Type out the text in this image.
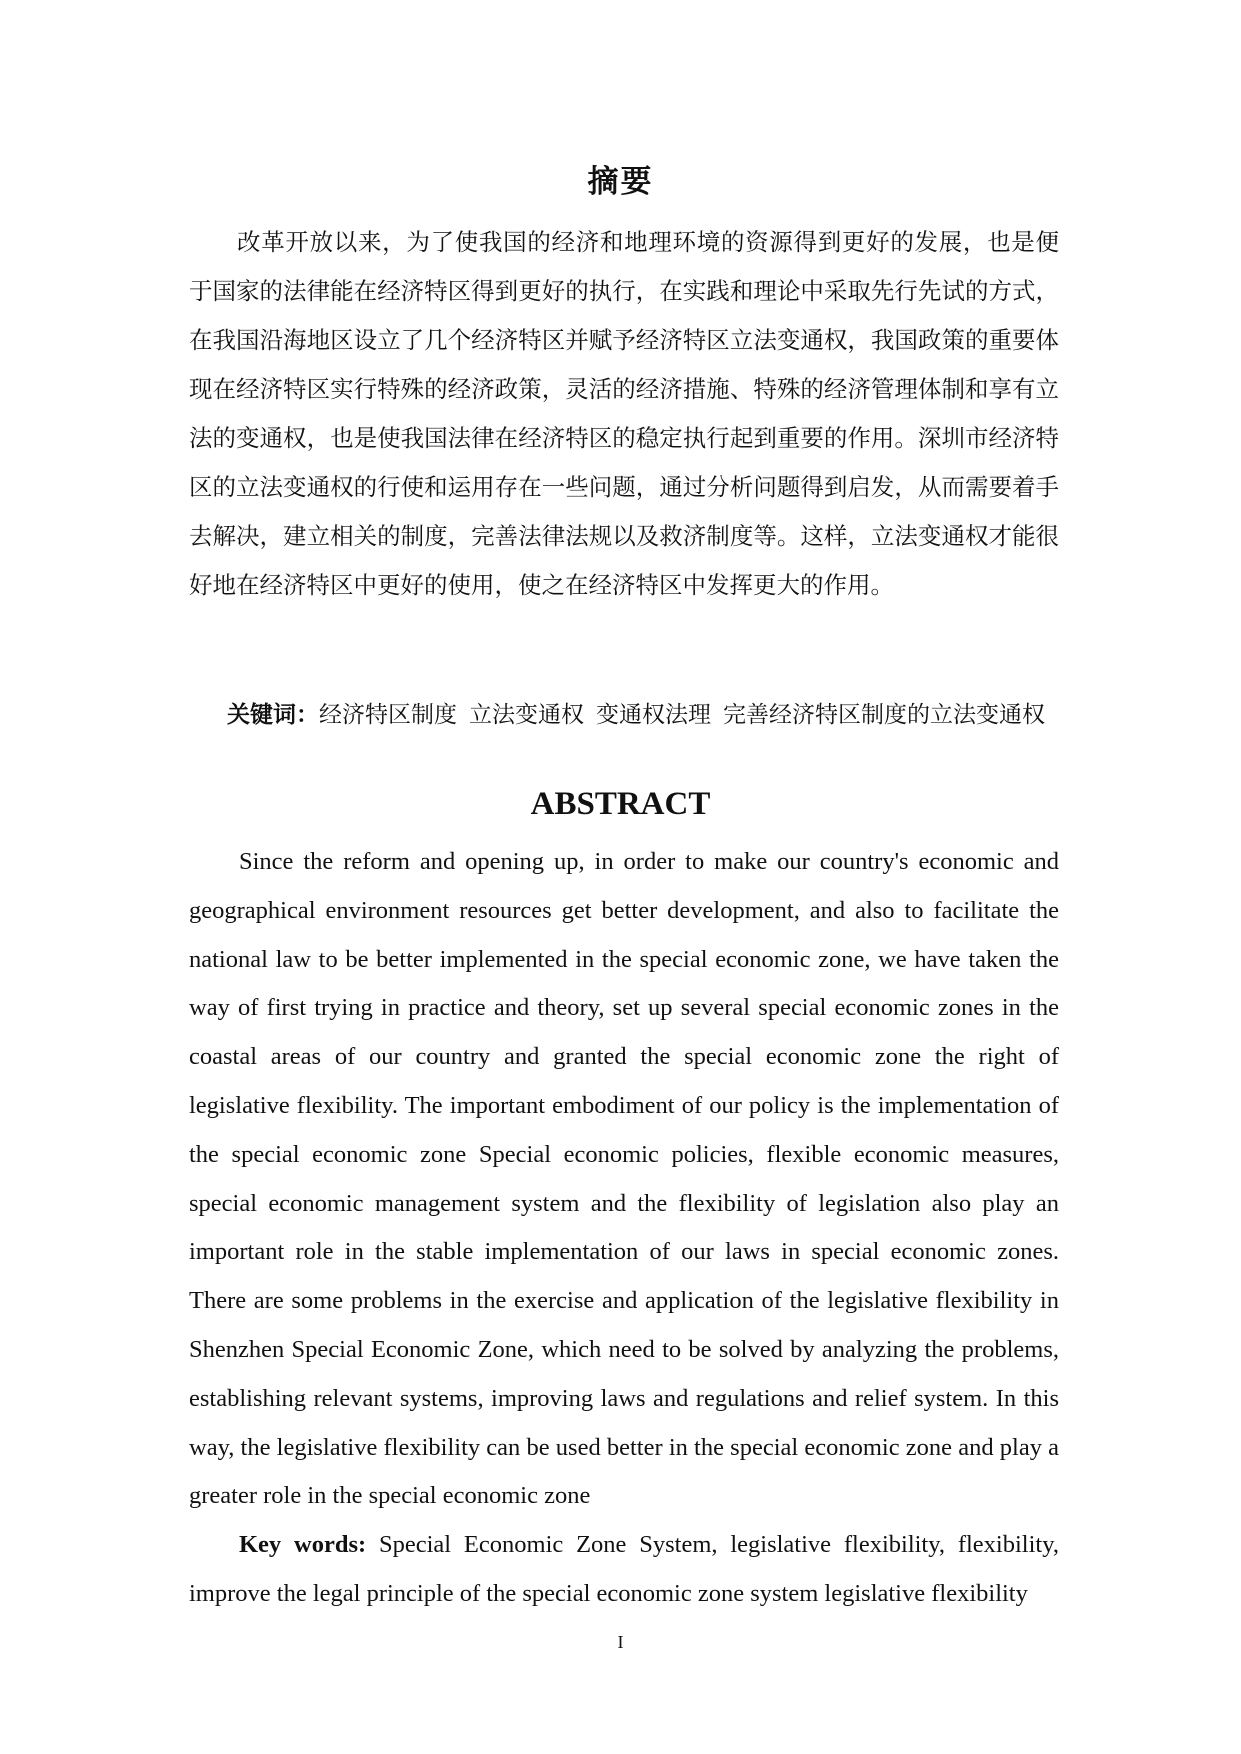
摘要

改革开放以来，为了使我国的经济和地理环境的资源得到更好的发展，也是便于国家的法律能在经济特区得到更好的执行，在实践和理论中采取先行先试的方式，在我国沿海地区设立了几个经济特区并赋予经济特区立法变通权，我国政策的重要体现在经济特区实行特殊的经济政策，灵活的经济措施、特殊的经济管理体制和享有立法的变通权，也是使我国法律在经济特区的稳定执行起到重要的作用。深圳市经济特区的立法变通权的行使和运用存在一些问题，通过分析问题得到启发，从而需要着手去解决，建立相关的制度，完善法律法规以及救济制度等。这样，立法变通权才能很好地在经济特区中更好的使用，使之在经济特区中发挥更大的作用。

关键词：经济特区制度 立法变通权 变通权法理 完善经济特区制度的立法变通权

ABSTRACT

Since the reform and opening up, in order to make our country's economic and geographical environment resources get better development, and also to facilitate the national law to be better implemented in the special economic zone, we have taken the way of first trying in practice and theory, set up several special economic zones in the coastal areas of our country and granted the special economic zone the right of legislative flexibility. The important embodiment of our policy is the implementation of the special economic zone Special economic policies, flexible economic measures, special economic management system and the flexibility of legislation also play an important role in the stable implementation of our laws in special economic zones. There are some problems in the exercise and application of the legislative flexibility in Shenzhen Special Economic Zone, which need to be solved by analyzing the problems, establishing relevant systems, improving laws and regulations and relief system. In this way, the legislative flexibility can be used better in the special economic zone and play a greater role in the special economic zone

Key words: Special Economic Zone System, legislative flexibility, flexibility, improve the legal principle of the special economic zone system legislative flexibility

I
